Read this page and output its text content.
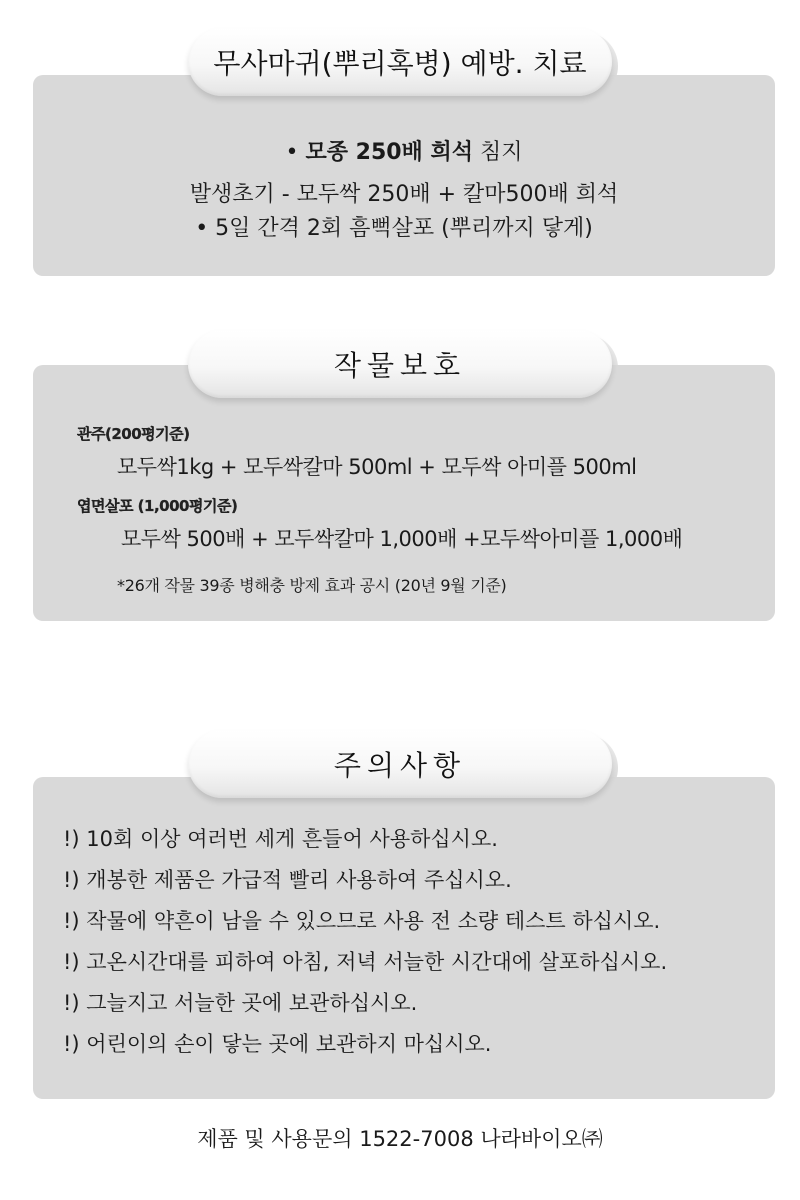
• 모종 250배 희석 침지
발생초기 - 모두싹 250배 + 칼마500배 희석
• 5일 간격 2회 흠뻑살포 (뿌리까지 닿게)
무사마귀(뿌리혹병) 예방. 치료
관주(200평기준)
모두싹1kg + 모두싹칼마 500ml + 모두싹 아미플 500ml
엽면살포 (1,000평기준)
모두싹 500배 + 모두싹칼마 1,000배 +모두싹아미플 1,000배
*26개 작물 39종 병해충 방제 효과 공시 (20년 9월 기준)
작물보호
!) 10회 이상 여러번 세게 흔들어 사용하십시오.
!) 개봉한 제품은 가급적 빨리 사용하여 주십시오.
!) 작물에 약흔이 남을 수 있으므로 사용 전 소량 테스트 하십시오.
!) 고온시간대를 피하여 아침, 저녁 서늘한 시간대에 살포하십시오.
!) 그늘지고 서늘한 곳에 보관하십시오.
!) 어린이의 손이 닿는 곳에 보관하지 마십시오.
주의사항
제품 및 사용문의 1522-7008 나라바이오㈜
